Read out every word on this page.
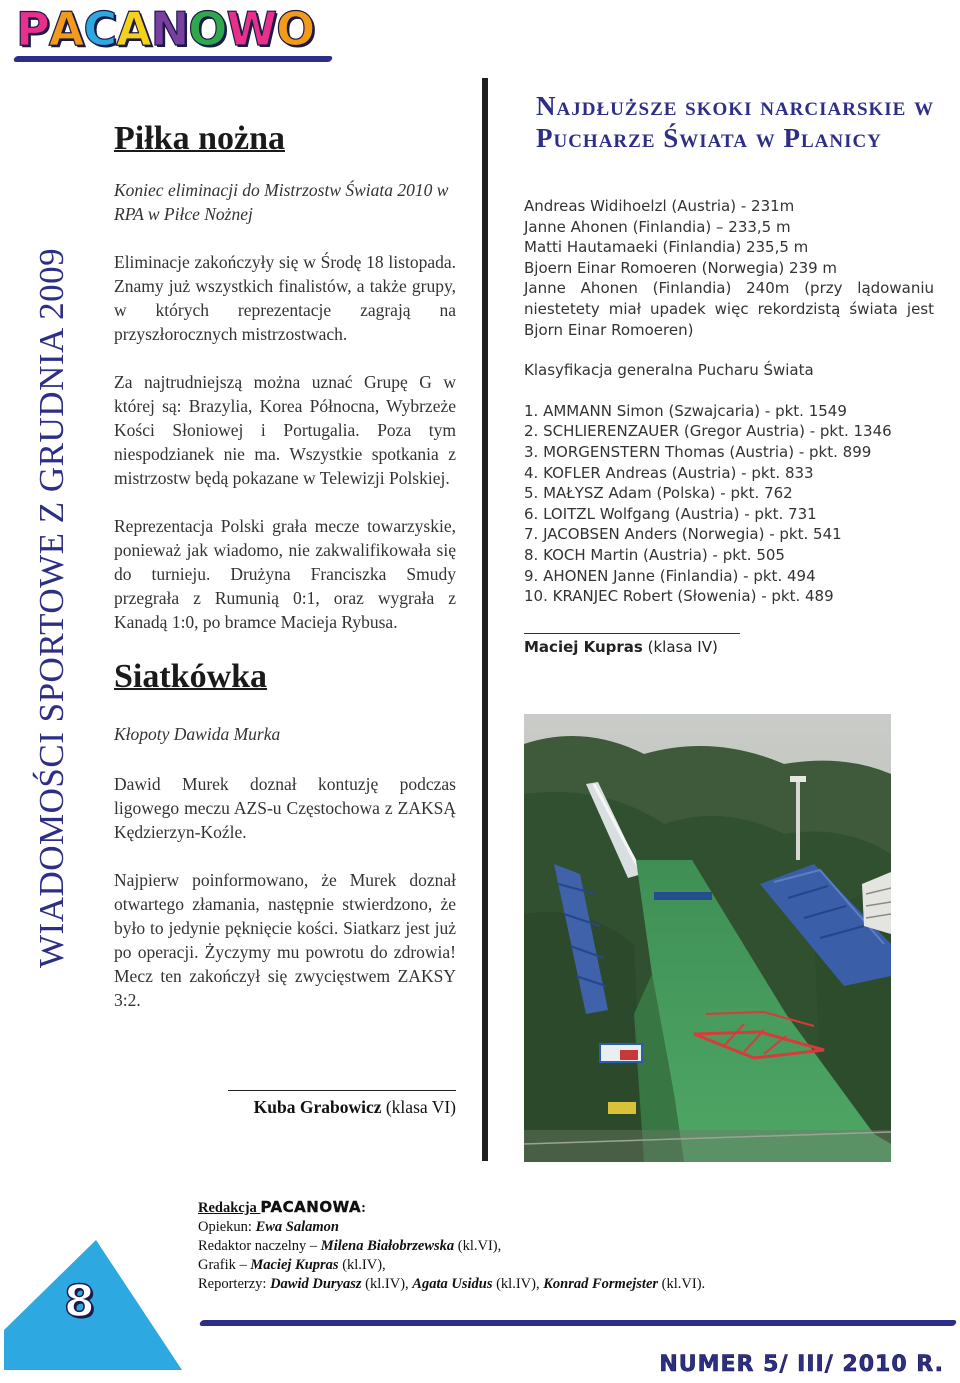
P A C A N O W O
WIADOMOŚCI SPORTOWE Z GRUDNIA 2009
Piłka nożna

Koniec eliminacji do Mistrzostw Świata 2010 w RPA w Piłce Nożnej

Eliminacje zakończyły się w Środę 18 listopada. Znamy już wszystkich finalistów, a także grupy, w których reprezentacje zagrają na przyszłorocznych mistrzostwach.

Za najtrudniejszą można uznać Grupę G w której są: Brazylia, Korea Północna, Wybrzeże Kości Słoniowej i Portugalia. Poza tym niespodzianek nie ma. Wszystkie spotkania z mistrzostw będą pokazane w Telewizji Polskiej.

Reprezentacja Polski grała mecze towarzyskie, ponieważ jak wiadomo, nie zakwalifikowała się do turnieju. Drużyna Franciszka Smudy przegrała z Rumunią 0:1, oraz wygrała z Kanadą 1:0, po bramce Macieja Rybusa.

Siatkówka

Kłopoty Dawida Murka

Dawid Murek doznał kontuzję podczas ligowego meczu AZS-u Częstochowa z ZAKSĄ Kędzierzyn-Koźle.

Najpierw poinformowano, że Murek doznał otwartego złamania, następnie stwierdzono, że było to jedynie pęknięcie kości. Siatkarz jest już po operacji. Życzymy mu powrotu do zdrowia! Mecz ten zakończył się zwycięstwem ZAKSY 3:2.

Kuba Grabowicz (klasa VI)
Najdłuższe skoki narciarskie w Pucharze Świata w Planicy
Andreas Widihoelzl (Austria) - 231m
Janne Ahonen (Finlandia) – 233,5 m
Matti Hautamaeki (Finlandia) 235,5 m
Bjoern Einar Romoeren (Norwegia) 239 m
Janne Ahonen (Finlandia) 240m (przy lądowaniu niestetety miał upadek więc rekordzistą świata jest Bjorn Einar Romoeren)
Klasyfikacja generalna Pucharu Świata
1. AMMANN Simon (Szwajcaria) - pkt. 1549
2. SCHLIERENZAUER (Gregor Austria) - pkt. 1346
3. MORGENSTERN Thomas (Austria) - pkt. 899
4. KOFLER Andreas (Austria) - pkt. 833
5. MAŁYSZ Adam (Polska) - pkt. 762
6. LOITZL Wolfgang (Austria) - pkt. 731
7. JACOBSEN Anders (Norwegia) - pkt. 541
8. KOCH Martin (Austria) - pkt. 505
9. AHONEN Janne (Finlandia) - pkt. 494
10. KRANJEC Robert (Słowenia) - pkt. 489
Maciej Kupras (klasa IV)
8
Redakcja PACANOWA:
Opiekun: Ewa Salamon
Redaktor naczelny – Milena Białobrzewska (kl.VI),
Grafik – Maciej Kupras (kl.IV),
Reporterzy: Dawid Duryasz (kl.IV), Agata Usidus (kl.IV), Konrad Formejster (kl.VI).
NUMER 5/ III/ 2010 R.
